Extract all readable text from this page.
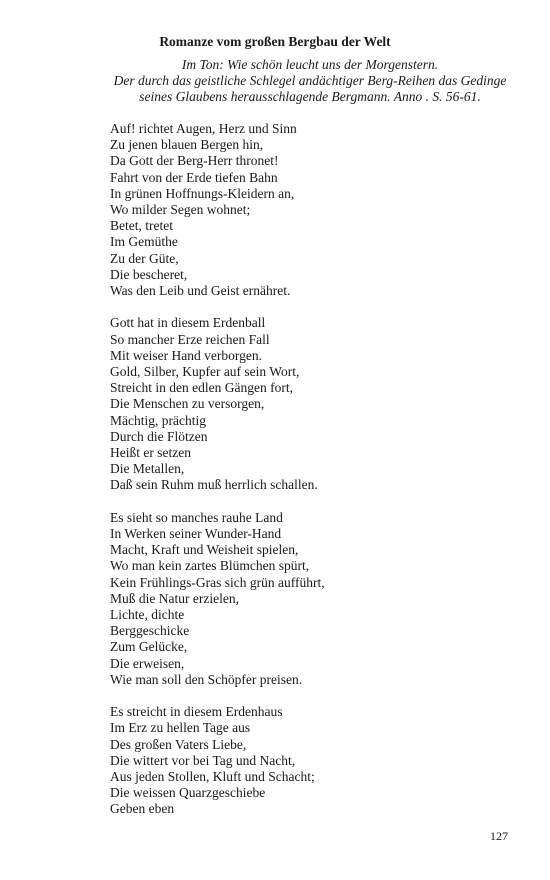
Romanze vom großen Bergbau der Welt
Im Ton: Wie schön leucht uns der Morgenstern.
Der durch das geistliche Schlegel andächtiger Berg-Reihen das Gedinge
seines Glaubens herausschlagende Bergmann. Anno . S. 56-61.
Auf! richtet Augen, Herz und Sinn
Zu jenen blauen Bergen hin,
Da Gott der Berg-Herr thronet!
Fahrt von der Erde tiefen Bahn
In grünen Hoffnungs-Kleidern an,
Wo milder Segen wohnet;
Betet, tretet
Im Gemüthe
Zu der Güte,
Die bescheret,
Was den Leib und Geist ernähret.
Gott hat in diesem Erdenball
So mancher Erze reichen Fall
Mit weiser Hand verborgen.
Gold, Silber, Kupfer auf sein Wort,
Streicht in den edlen Gängen fort,
Die Menschen zu versorgen,
Mächtig, prächtig
Durch die Flötzen
Heißt er setzen
Die Metallen,
Daß sein Ruhm muß herrlich schallen.
Es sieht so manches rauhe Land
In Werken seiner Wunder-Hand
Macht, Kraft und Weisheit spielen,
Wo man kein zartes Blümchen spürt,
Kein Frühlings-Gras sich grün aufführt,
Muß die Natur erzielen,
Lichte, dichte
Berggeschicke
Zum Gelücke,
Die erweisen,
Wie man soll den Schöpfer preisen.
Es streicht in diesem Erdenhaus
Im Erz zu hellen Tage aus
Des großen Vaters Liebe,
Die wittert vor bei Tag und Nacht,
Aus jeden Stollen, Kluft und Schacht;
Die weissen Quarzgeschiebe
Geben eben
127
